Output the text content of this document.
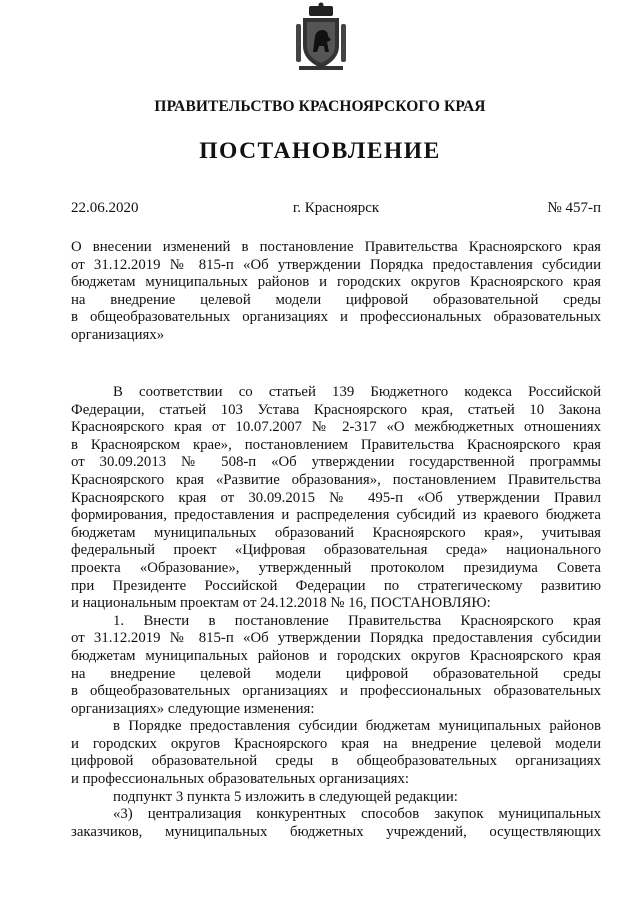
ПРАВИТЕЛЬСТВО КРАСНОЯРСКОГО КРАЯ
ПОСТАНОВЛЕНИЕ
22.06.2020	г. Красноярск	№ 457-п
О внесении изменений в постановление Правительства Красноярского края
от 31.12.2019 № 815-п «Об утверждении Порядка предоставления субсидии
бюджетам муниципальных районов и городских округов Красноярского края
на внедрение целевой модели цифровой образовательной среды
в общеобразовательных организациях и профессиональных образовательных
организациях»
В соответствии со статьей 139 Бюджетного кодекса Российской
Федерации, статьей 103 Устава Красноярского края, статьей 10 Закона
Красноярского края от 10.07.2007 № 2-317 «О межбюджетных отношениях
в Красноярском крае», постановлением Правительства Красноярского края
от 30.09.2013 № 508-п «Об утверждении государственной программы
Красноярского края «Развитие образования», постановлением Правительства
Красноярского края от 30.09.2015 № 495-п «Об утверждении Правил
формирования, предоставления и распределения субсидий из краевого бюджета
бюджетам муниципальных образований Красноярского края», учитывая
федеральный проект «Цифровая образовательная среда» национального
проекта «Образование», утвержденный протоколом президиума Совета
при Президенте Российской Федерации по стратегическому развитию
и национальным проектам от 24.12.2018 № 16, ПОСТАНОВЛЯЮ:
1. Внести в постановление Правительства Красноярского края
от 31.12.2019 № 815-п «Об утверждении Порядка предоставления субсидии
бюджетам муниципальных районов и городских округов Красноярского края
на внедрение целевой модели цифровой образовательной среды
в общеобразовательных организациях и профессиональных образовательных
организациях» следующие изменения:
в Порядке предоставления субсидии бюджетам муниципальных районов
и городских округов Красноярского края на внедрение целевой модели
цифровой образовательной среды в общеобразовательных организациях
и профессиональных образовательных организациях:
подпункт 3 пункта 5 изложить в следующей редакции:
«3) централизация конкурентных способов закупок муниципальных
заказчиков, муниципальных бюджетных учреждений, осуществляющих
